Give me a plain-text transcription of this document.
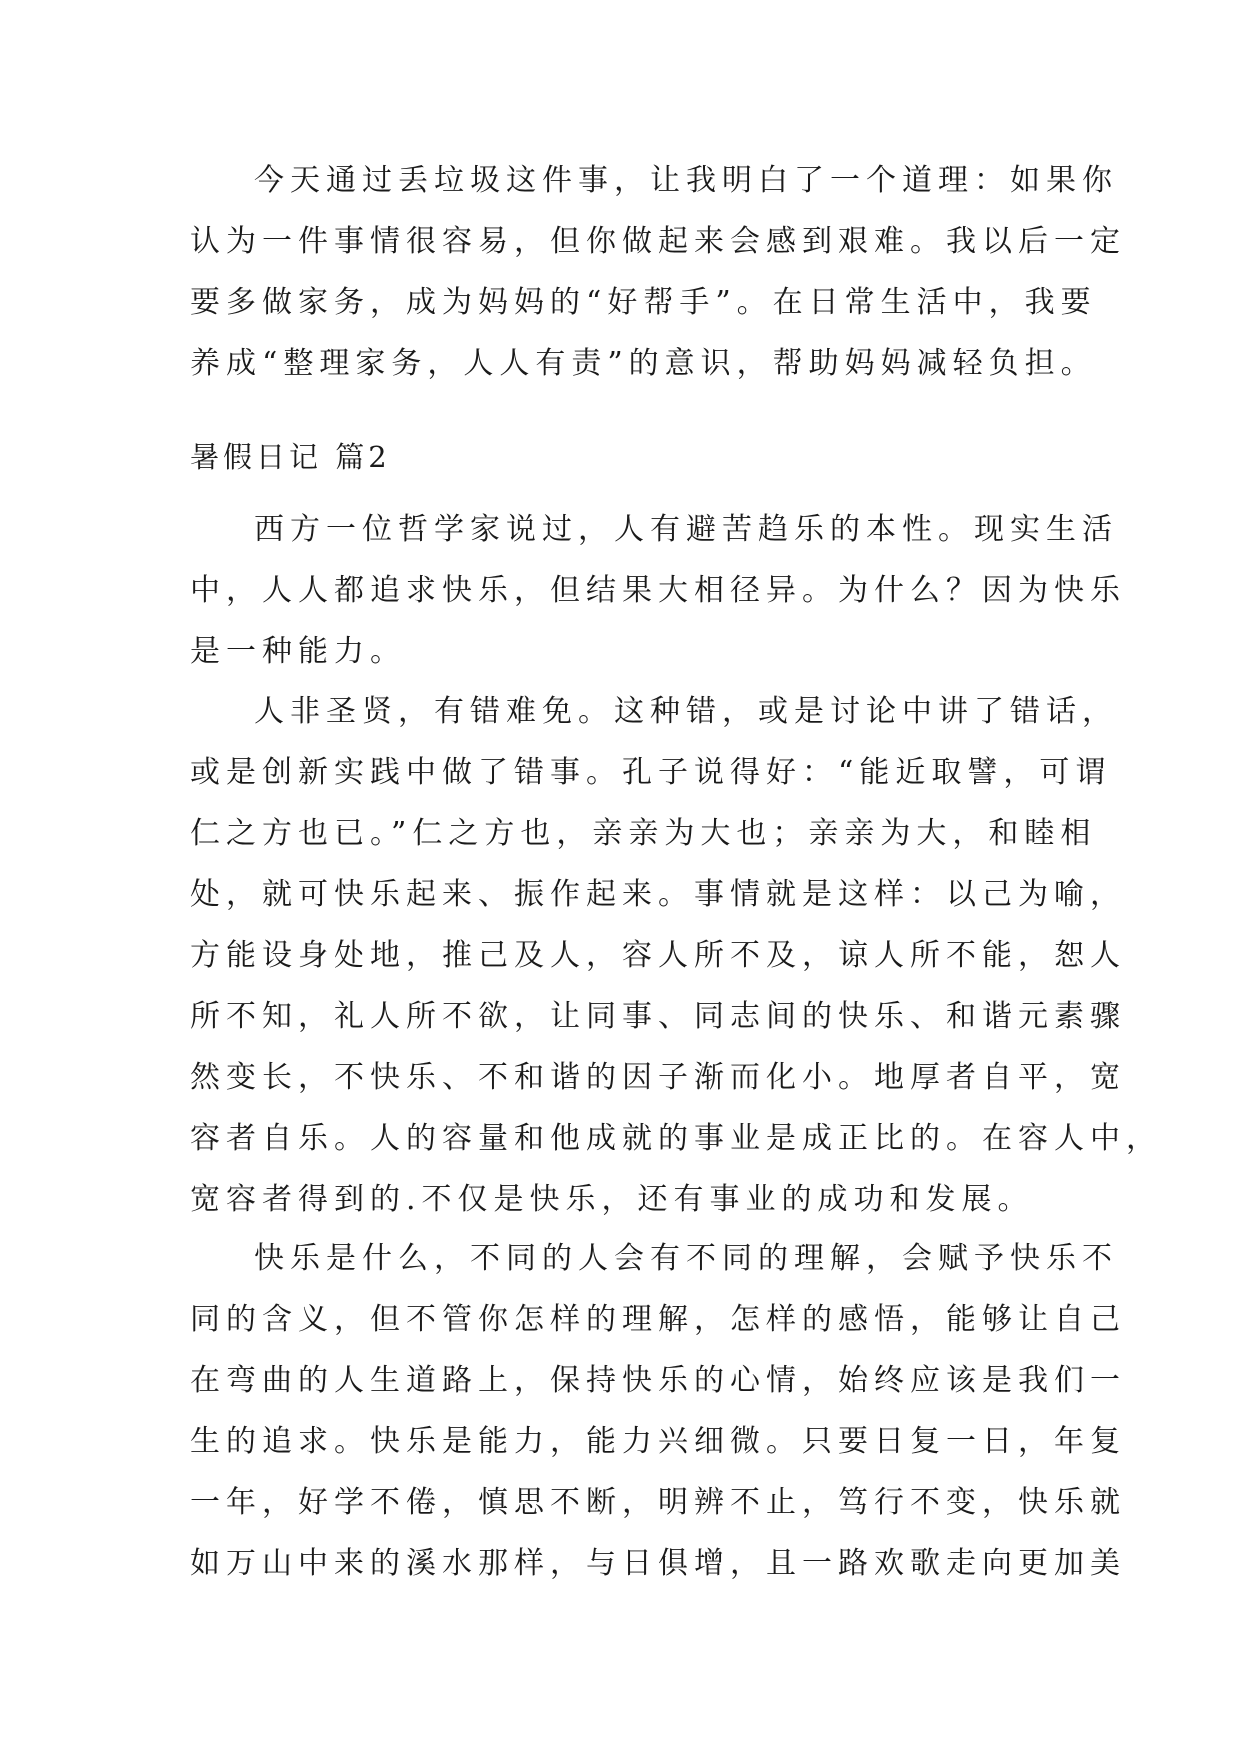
今天通过丢垃圾这件事，让我明白了一个道理：如果你
认为一件事情很容易，但你做起来会感到艰难。我以后一定
要多做家务，成为妈妈的“好帮手”。在日常生活中，我要
养成“整理家务，人人有责”的意识，帮助妈妈减轻负担。
暑假日记 篇2
西方一位哲学家说过，人有避苦趋乐的本性。现实生活
中，人人都追求快乐，但结果大相径异。为什么？因为快乐
是一种能力。
人非圣贤，有错难免。这种错，或是讨论中讲了错话，
或是创新实践中做了错事。孔子说得好：“能近取譬，可谓
仁之方也已。”仁之方也，亲亲为大也；亲亲为大，和睦相
处，就可快乐起来、振作起来。事情就是这样：以己为喻，
方能设身处地，推己及人，容人所不及，谅人所不能，恕人
所不知，礼人所不欲，让同事、同志间的快乐、和谐元素骤
然变长，不快乐、不和谐的因子渐而化小。地厚者自平，宽
容者自乐。人的容量和他成就的事业是成正比的。在容人中，
宽容者得到的.不仅是快乐，还有事业的成功和发展。
快乐是什么，不同的人会有不同的理解，会赋予快乐不
同的含义，但不管你怎样的理解，怎样的感悟，能够让自己
在弯曲的人生道路上，保持快乐的心情，始终应该是我们一
生的追求。快乐是能力，能力兴细微。只要日复一日，年复
一年，好学不倦，慎思不断，明辨不止，笃行不变，快乐就
如万山中来的溪水那样，与日俱增，且一路欢歌走向更加美
